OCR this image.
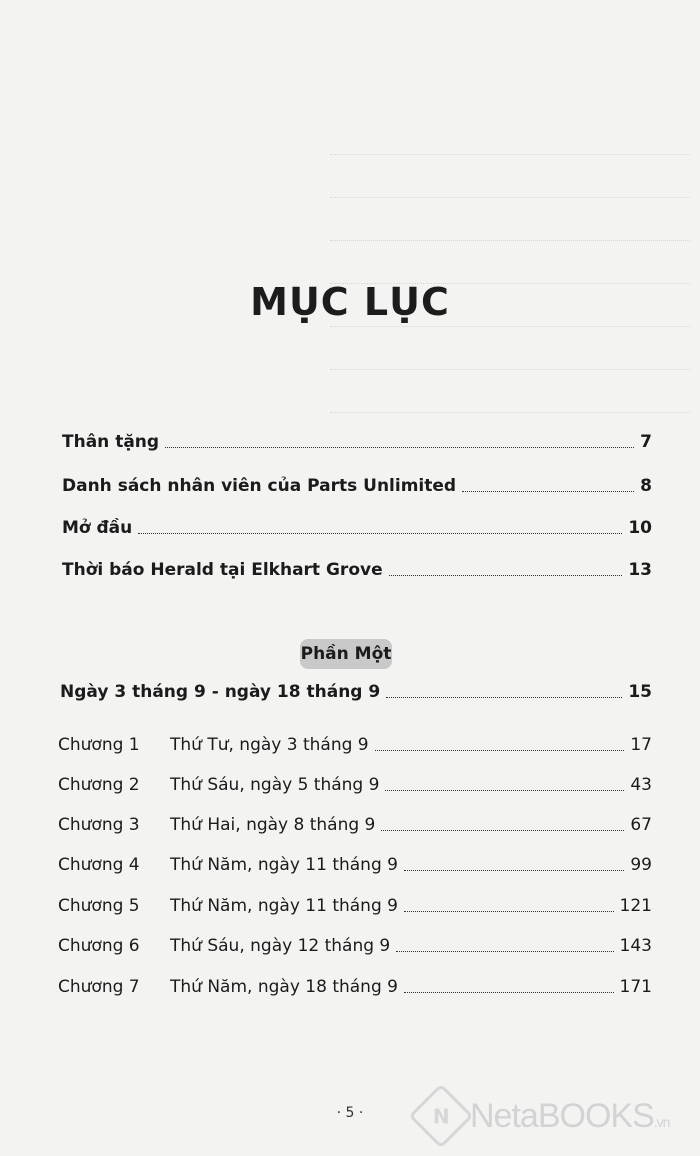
MỤC LỤC
Thân tặng	7
Danh sách nhân viên của Parts Unlimited	8
Mở đầu	10
Thời báo Herald tại Elkhart Grove	13
Phần Một
Ngày 3 tháng 9 - ngày 18 tháng 9	15
Chương 1	Thứ Tư, ngày 3 tháng 9	17
Chương 2	Thứ Sáu, ngày 5 tháng 9	43
Chương 3	Thứ Hai, ngày 8 tháng 9	67
Chương 4	Thứ Năm, ngày 11 tháng 9	99
Chương 5	Thứ Năm, ngày 11 tháng 9	121
Chương 6	Thứ Sáu, ngày 12 tháng 9	143
Chương 7	Thứ Năm, ngày 18 tháng 9	171
· 5 ·	N NetaBOOKS.vn
